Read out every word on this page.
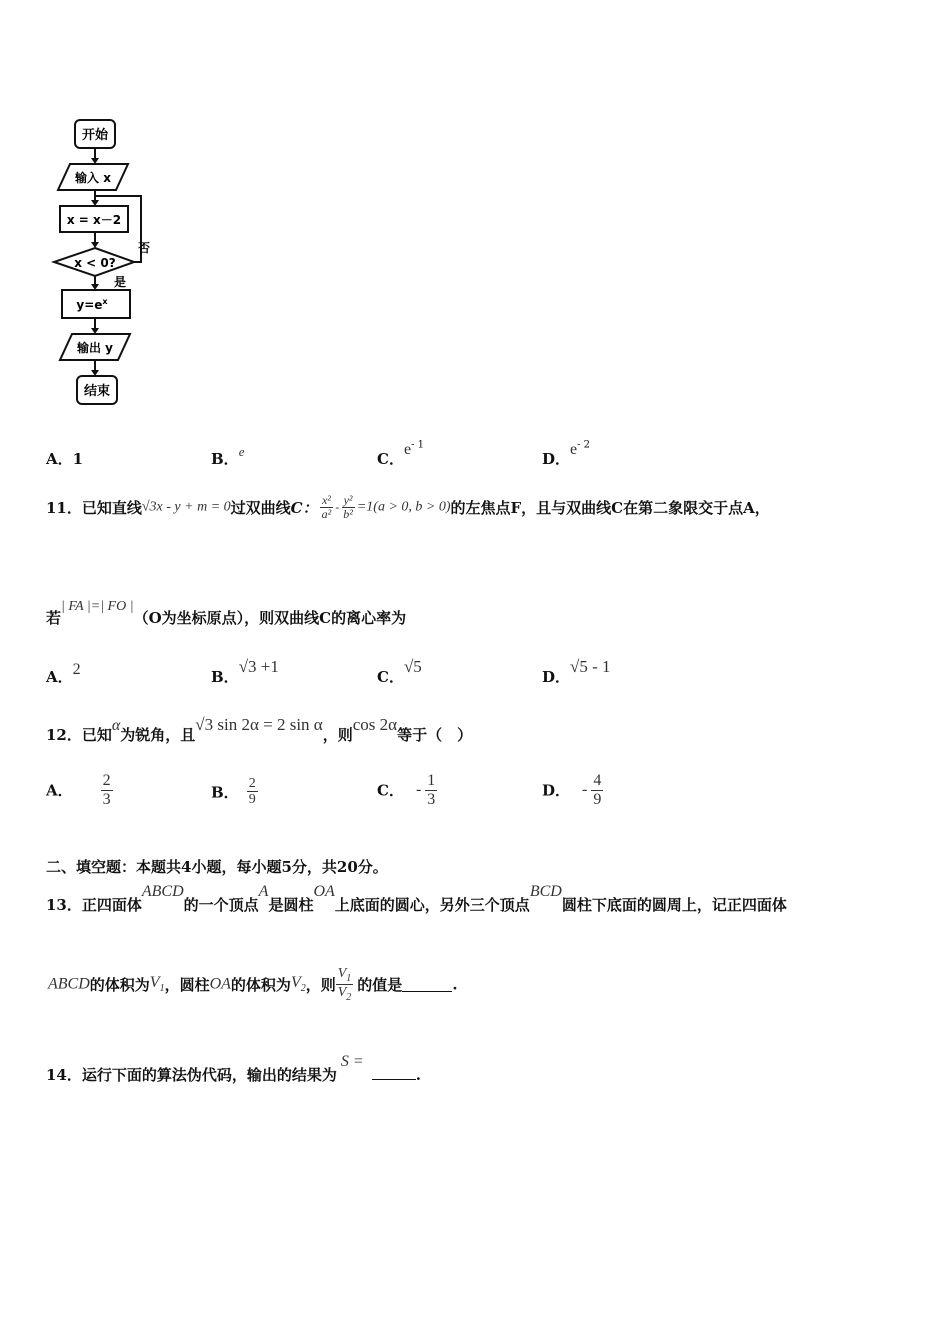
开始
输入 x
x = x－2
x < 0?
否
是
$y=e^x$
输出 y
结束
A．1	B．e	C．$e^{- 1}$
D．$e^{- 2}$
11．已知直线√3x - y + m = 0过双曲线C： $\frac{\text{x²}}{\text{a²}} - \frac{\text{y²}}{\text{b²}} =1(a > 0$, b > 0)的左焦点F，且与双曲线C在第二象限交于点A，
若| FA |=| FO |（O为坐标原点），则双曲线C的离心率为
A．2	B．√3 +1
C．√5
D．√5 - 1
12．已知α为锐角，且√3 sin 2α = 2 sin α，则cos 2α等于（　）
A． $\frac{2}{3}$	B． $\frac{2}{9}$	C． - $\frac{1}{3}$	D． - $\frac{4}{9}$
二、填空题：本题共4小题，每小题5分，共20分。
13．正四面体ABCD的一个顶点A是圆柱OA上底面的圆心，另外三个顶点BCD圆柱下底面的圆周上，记正四面体
ABCD的体积为$V_1$，圆柱OA的体积为$V_2$，则 $\frac{V_1}{V_2}$ 的值是	.
14．运行下面的算法伪代码，输出的结果为S =.
